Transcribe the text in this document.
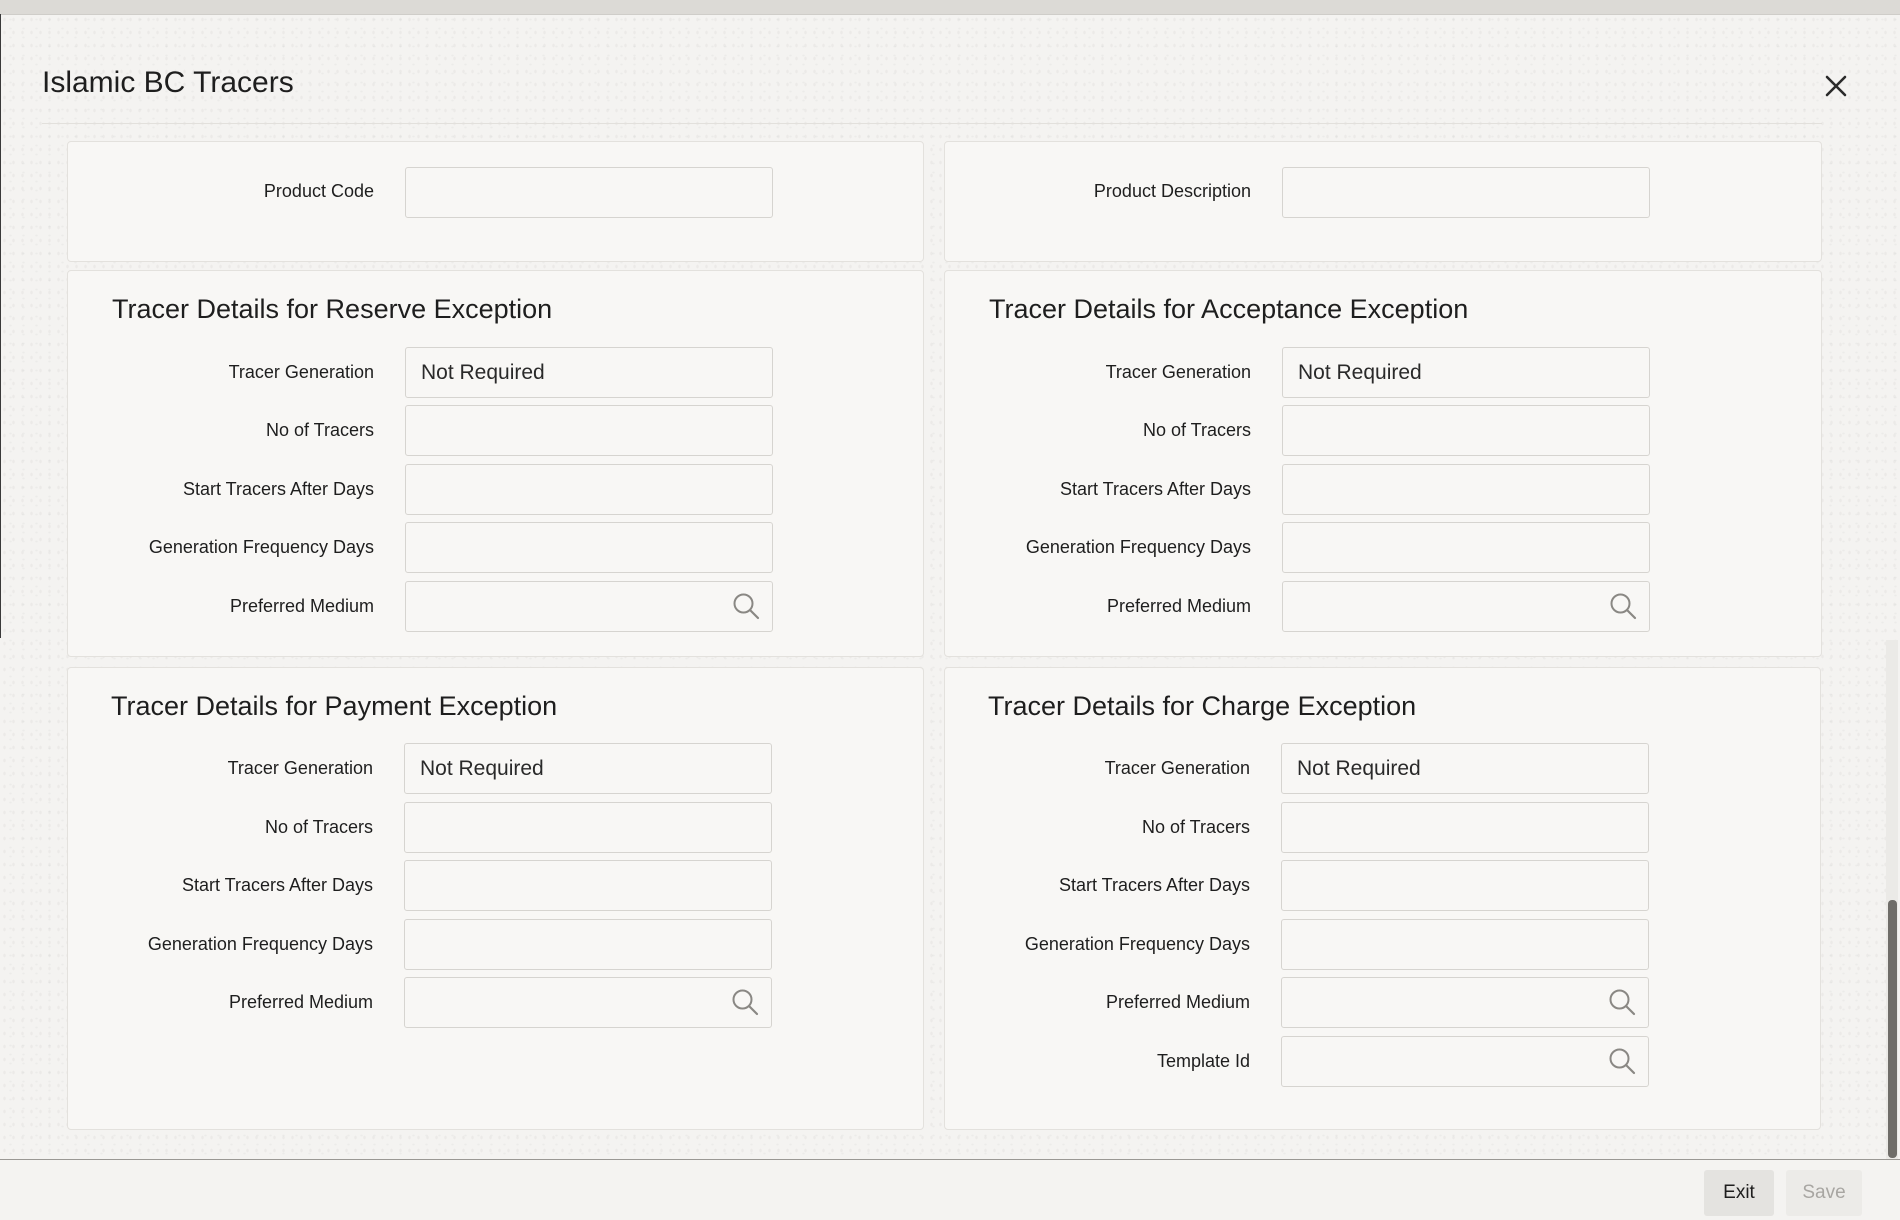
Islamic BC Tracers
Product Code	Product Description
Tracer Details for Reserve Exception
Tracer Generation
Not Required
No of Tracers
Start Tracers After Days
Generation Frequency Days
Preferred Medium
Tracer Details for Acceptance Exception
Tracer Generation
Not Required
No of Tracers
Start Tracers After Days
Generation Frequency Days
Preferred Medium
Tracer Details for Payment Exception
Tracer Generation
Not Required
No of Tracers
Start Tracers After Days
Generation Frequency Days
Preferred Medium
Tracer Details for Charge Exception
Tracer Generation
Not Required
No of Tracers
Start Tracers After Days
Generation Frequency Days
Preferred Medium
Template Id
Exit	Save
